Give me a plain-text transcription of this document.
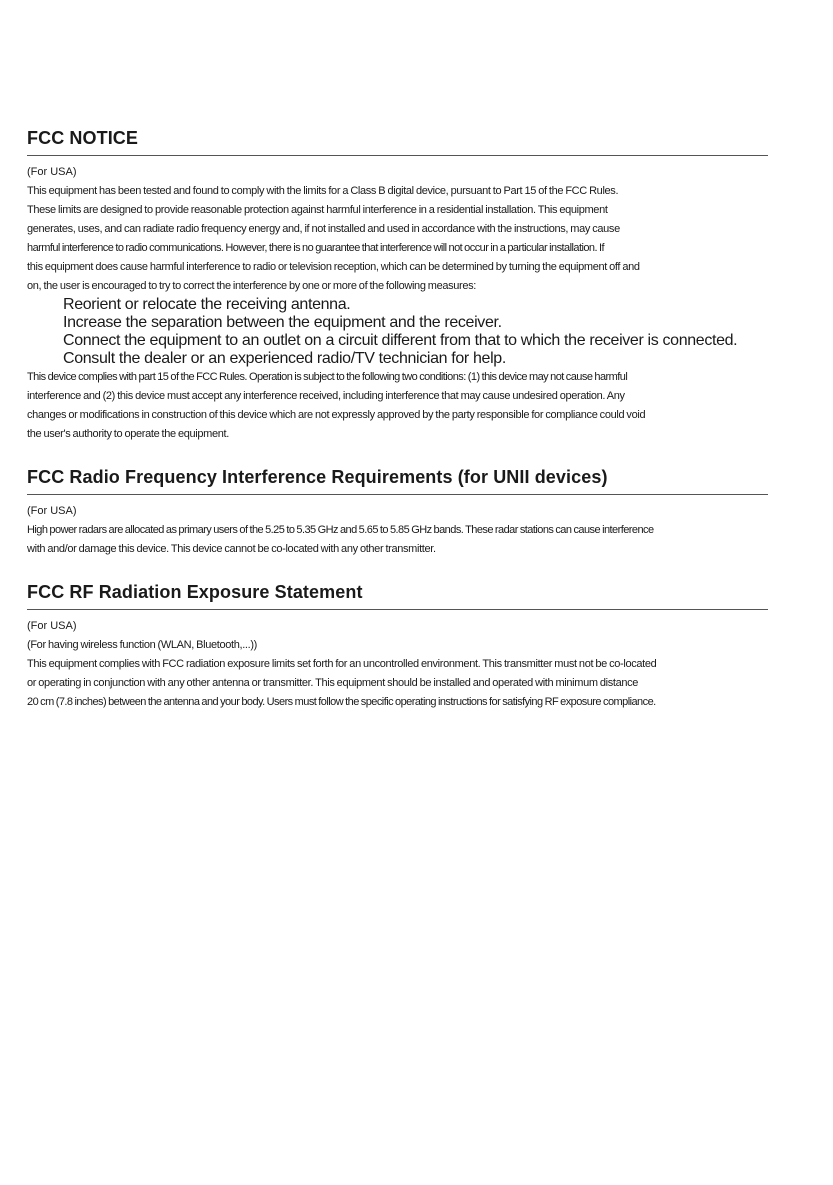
FCC NOTICE
(For USA)

This equipment has been tested and found to comply with the limits for a Class B digital device, pursuant to Part 15 of the FCC Rules.
These limits are designed to provide reasonable protection against harmful interference in a residential installation. This equipment
generates, uses, and can radiate radio frequency energy and, if not installed and used in accordance with the instructions, may cause
harmful interference to radio communications. However, there is no guarantee that interference will not occur in a particular installation. If
this equipment does cause harmful interference to radio or television reception, which can be determined by turning the equipment off and
on, the user is encouraged to try to correct the interference by one or more of the following measures:

Reorient or relocate the receiving antenna.
Increase the separation between the equipment and the receiver.
Connect the equipment to an outlet on a circuit different from that to which the receiver is connected.
Consult the dealer or an experienced radio/TV technician for help.

This device complies with part 15 of the FCC Rules. Operation is subject to the following two conditions: (1) this device may not cause harmful
interference and (2) this device must accept any interference received, including interference that may cause undesired operation. Any
changes or modifications in construction of this device which are not expressly approved by the party responsible for compliance could void
the user's authority to operate the equipment.

FCC Radio Frequency Interference Requirements (for UNII devices)
(For USA)

High power radars are allocated as primary users of the 5.25 to 5.35 GHz and 5.65 to 5.85 GHz bands. These radar stations can cause interference
with and/or damage this device. This device cannot be co-located with any other transmitter.

FCC RF Radiation Exposure Statement
(For USA)
(For having wireless function (WLAN, Bluetooth,...))

This equipment complies with FCC radiation exposure limits set forth for an uncontrolled environment. This transmitter must not be co-located
or operating in conjunction with any other antenna or transmitter. This equipment should be installed and operated with minimum distance
20 cm (7.8 inches) between the antenna and your body. Users must follow the specific operating instructions for satisfying RF exposure compliance.
